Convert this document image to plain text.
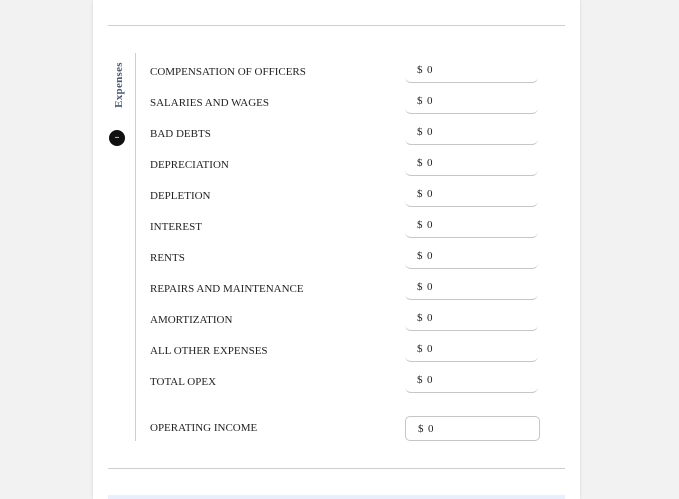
Expenses
–
COMPENSATION OF OFFICERS	$ 0
SALARIES AND WAGES	$ 0
BAD DEBTS	$ 0
DEPRECIATION	$ 0
DEPLETION	$ 0
INTEREST	$ 0
RENTS	$ 0
REPAIRS AND MAINTENANCE	$ 0
AMORTIZATION	$ 0
ALL OTHER EXPENSES	$ 0
TOTAL OPEX	$ 0
OPERATING INCOME	$ 0
